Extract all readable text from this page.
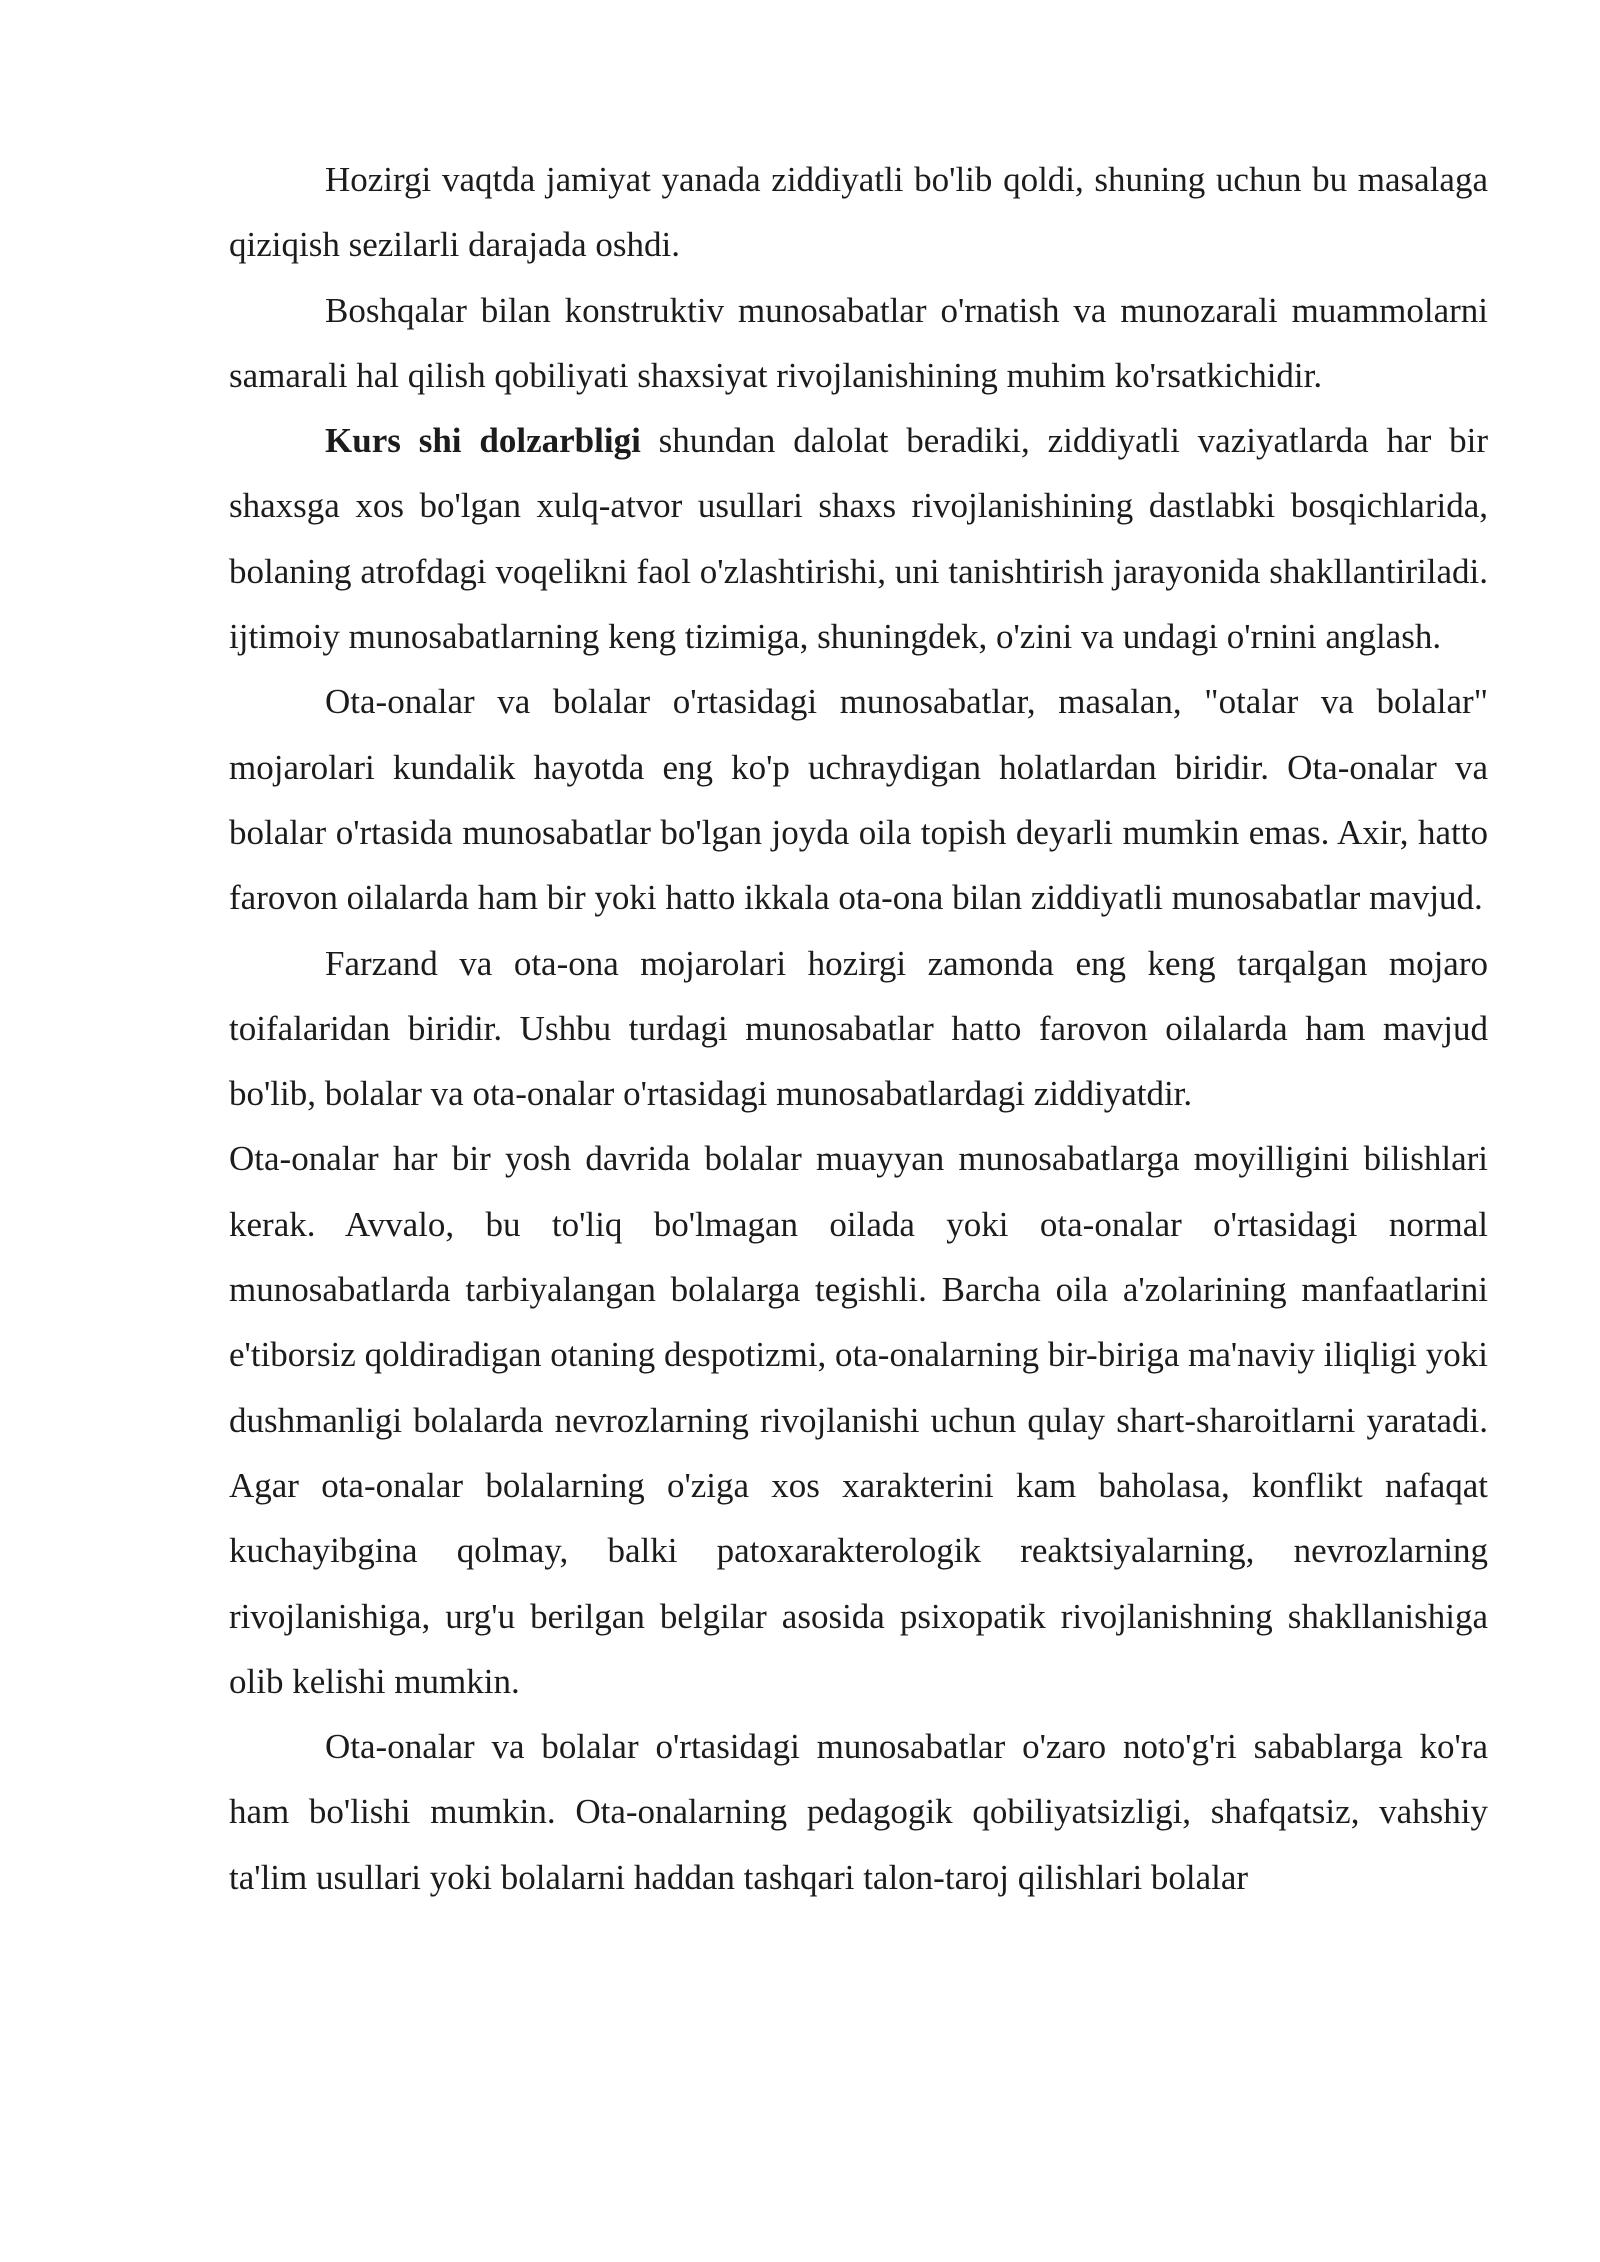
Hozirgi vaqtda jamiyat yanada ziddiyatli bo'lib qoldi, shuning uchun bu masalaga qiziqish sezilarli darajada oshdi.

Boshqalar bilan konstruktiv munosabatlar o'rnatish va munozarali muammolarni samarali hal qilish qobiliyati shaxsiyat rivojlanishining muhim ko'rsatkichidir.

Kurs shi dolzarbligi shundan dalolat beradiki, ziddiyatli vaziyatlarda har bir shaxsga xos bo'lgan xulq-atvor usullari shaxs rivojlanishining dastlabki bosqichlarida, bolaning atrofdagi voqelikni faol o'zlashtirishi, uni tanishtirish jarayonida shakllantiriladi. ijtimoiy munosabatlarning keng tizimiga, shuningdek, o'zini va undagi o'rnini anglash.

Ota-onalar va bolalar o'rtasidagi munosabatlar, masalan, "otalar va bolalar" mojarolari kundalik hayotda eng ko'p uchraydigan holatlardan biridir. Ota-onalar va bolalar o'rtasida munosabatlar bo'lgan joyda oila topish deyarli mumkin emas. Axir, hatto farovon oilalarda ham bir yoki hatto ikkala ota-ona bilan ziddiyatli munosabatlar mavjud.

Farzand va ota-ona mojarolari hozirgi zamonda eng keng tarqalgan mojaro toifalaridan biridir. Ushbu turdagi munosabatlar hatto farovon oilalarda ham mavjud bo'lib, bolalar va ota-onalar o'rtasidagi munosabatlardagi ziddiyatdir.

Ota-onalar har bir yosh davrida bolalar muayyan munosabatlarga moyilligini bilishlari kerak. Avvalo, bu to'liq bo'lmagan oilada yoki ota-onalar o'rtasidagi normal munosabatlarda tarbiyalangan bolalarga tegishli. Barcha oila a'zolarining manfaatlarini e'tiborsiz qoldiradigan otaning despotizmi, ota-onalarning bir-biriga ma'naviy iliqligi yoki dushmanligi bolalarda nevrozlarning rivojlanishi uchun qulay shart-sharoitlarni yaratadi. Agar ota-onalar bolalarning o'ziga xos xarakterini kam baholasa, konflikt nafaqat kuchayibgina qolmay, balki patoxarakterologik reaktsiyalarning, nevrozlarning rivojlanishiga, urg'u berilgan belgilar asosida psixopatik rivojlanishning shakllanishiga olib kelishi mumkin.

Ota-onalar va bolalar o'rtasidagi munosabatlar o'zaro noto'g'ri sabablarga ko'ra ham bo'lishi mumkin. Ota-onalarning pedagogik qobiliyatsizligi, shafqatsiz, vahshiy ta'lim usullari yoki bolalarni haddan tashqari talon-taroj qilishlari bolalar
